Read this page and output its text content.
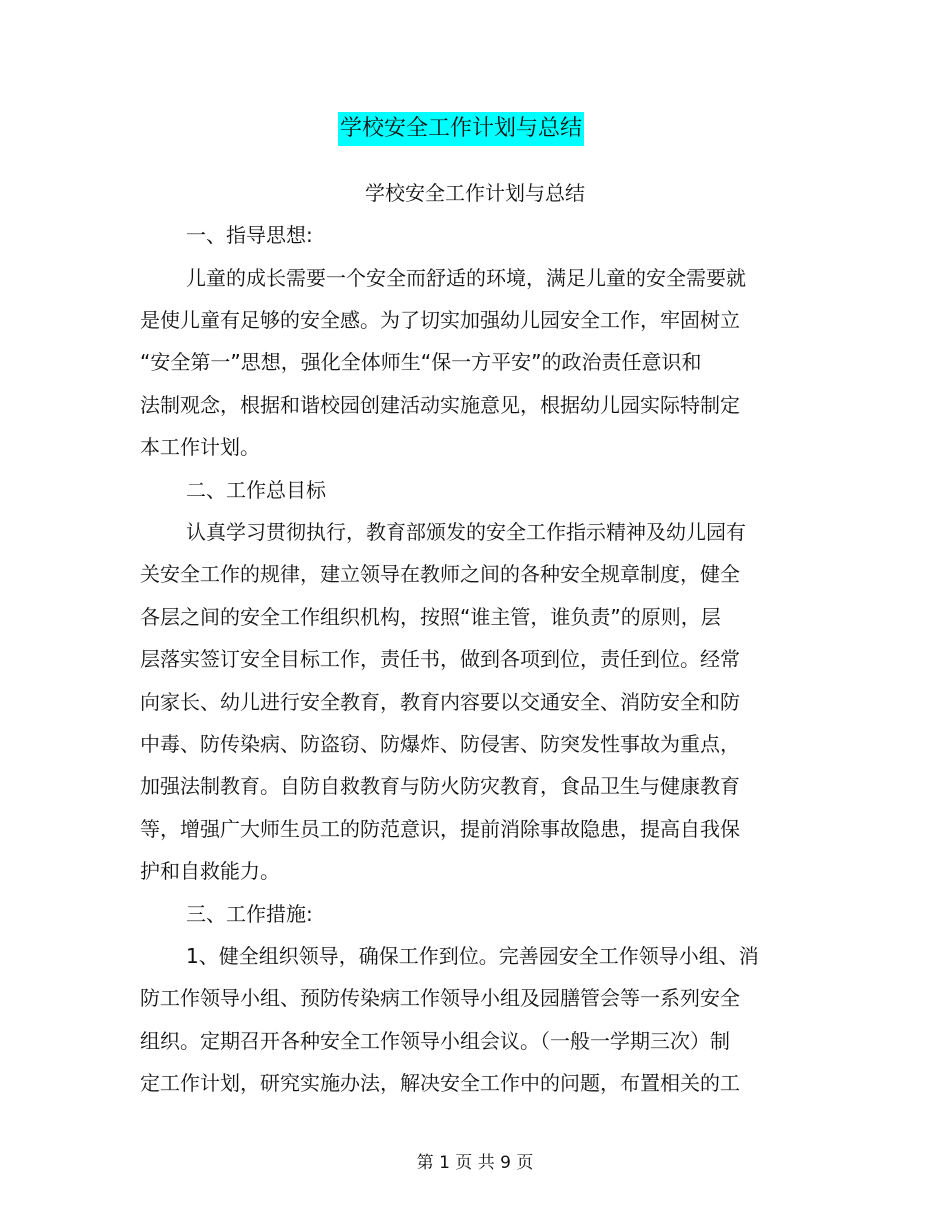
学校安全工作计划与总结
学校安全工作计划与总结
一、指导思想:
儿童的成长需要一个安全而舒适的环境，满足儿童的安全需要就
是使儿童有足够的安全感。为了切实加强幼儿园安全工作，牢固树立
“安全第一”思想，强化全体师生“保一方平安”的政治责任意识和
法制观念，根据和谐校园创建活动实施意见，根据幼儿园实际特制定
本工作计划。
二、工作总目标
认真学习贯彻执行，教育部颁发的安全工作指示精神及幼儿园有
关安全工作的规律，建立领导在教师之间的各种安全规章制度，健全
各层之间的安全工作组织机构，按照“谁主管，谁负责”的原则，层
层落实签订安全目标工作，责任书，做到各项到位，责任到位。经常
向家长、幼儿进行安全教育，教育内容要以交通安全、消防安全和防
中毒、防传染病、防盗窃、防爆炸、防侵害、防突发性事故为重点，
加强法制教育。自防自救教育与防火防灾教育，食品卫生与健康教育
等，增强广大师生员工的防范意识，提前消除事故隐患，提高自我保
护和自救能力。
三、工作措施:
1、健全组织领导，确保工作到位。完善园安全工作领导小组、消
防工作领导小组、预防传染病工作领导小组及园膳管会等一系列安全
组织。定期召开各种安全工作领导小组会议。（一般一学期三次）制
定工作计划，研究实施办法，解决安全工作中的问题，布置相关的工
第 1 页 共 9 页
